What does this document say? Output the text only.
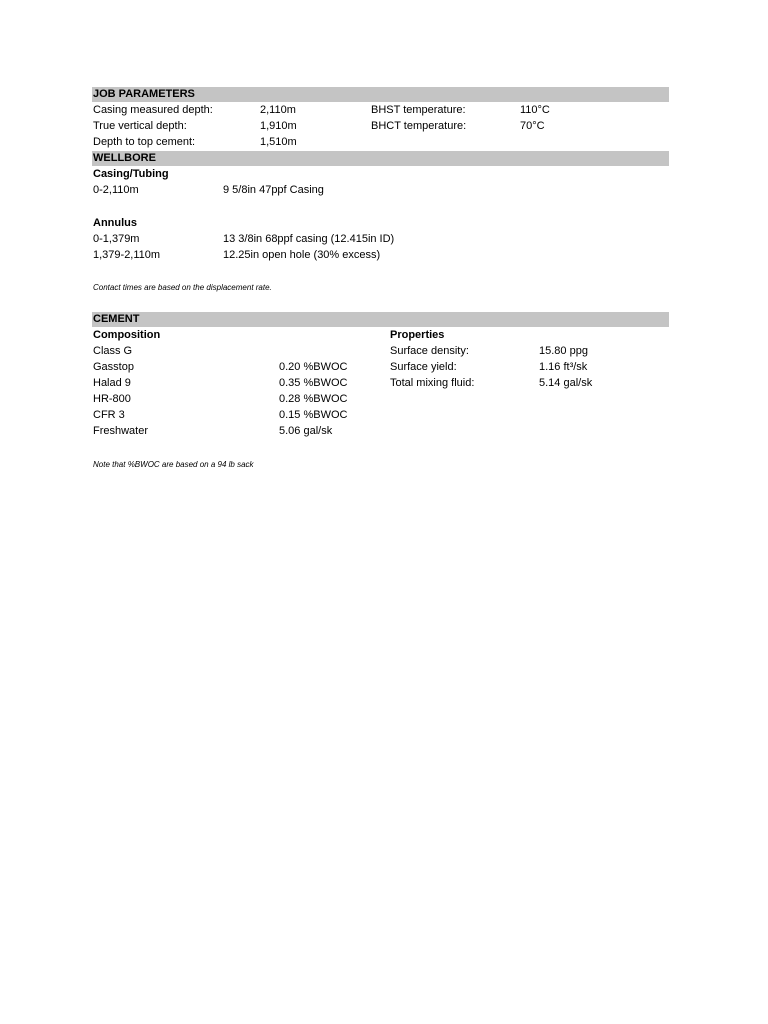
JOB PARAMETERS
Casing measured depth:	2,110m	BHST temperature:	110°C
True vertical depth:	1,910m	BHCT temperature:	70°C
Depth to top cement:	1,510m
WELLBORE
Casing/Tubing
0-2,110m	9 5/8in 47ppf Casing
Annulus
0-1,379m	13 3/8in 68ppf casing (12.415in ID)
1,379-2,110m	12.25in open hole (30% excess)
Contact times are based on the displacement rate.
CEMENT
Composition	Properties
Class G
Gasstop	0.20 %BWOC
Halad 9	0.35 %BWOC
HR-800	0.28 %BWOC
CFR 3	0.15 %BWOC
Freshwater	5.06 gal/sk
Surface density:	15.80 ppg
Surface yield:	1.16 ft³/sk
Total mixing fluid:	5.14 gal/sk
Note that %BWOC are based on a 94 lb sack
